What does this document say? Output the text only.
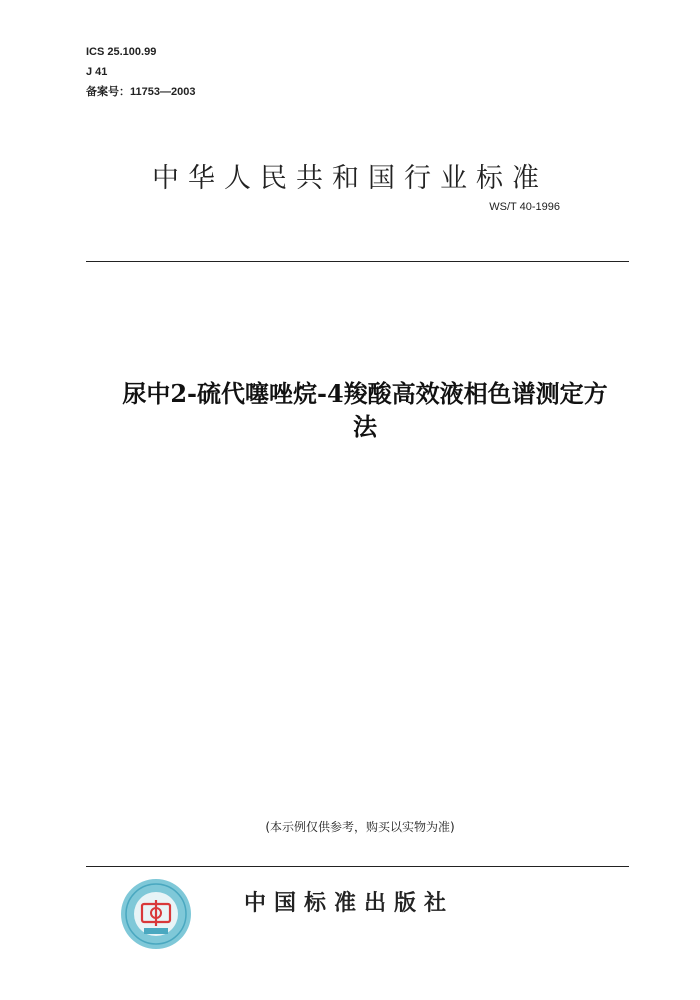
ICS 25.100.99
J 41
备案号：11753—2003
中华人民共和国行业标准
WS/T 40-1996
尿中2-硫代噻唑烷-4羧酸高效液相色谱测定方
法
(本示例仅供参考，购买以实物为准)
中国标准出版社
